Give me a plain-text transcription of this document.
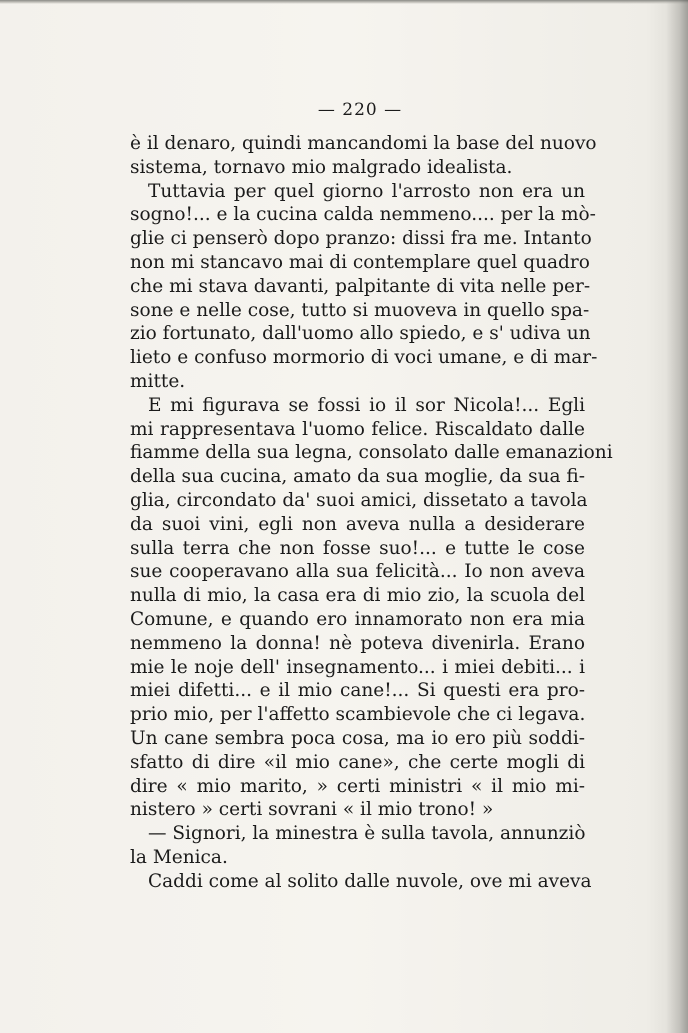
— 220 —
è il denaro, quindi mancandomi la base del nuovo
sistema, tornavo mio malgrado idealista.
Tuttavia per quel giorno l'arrosto non era un
sogno!... e la cucina calda nemmeno.... per la mò-
glie ci penserò dopo pranzo: dissi fra me. Intanto
non mi stancavo mai di contemplare quel quadro
che mi stava davanti, palpitante di vita nelle per-
sone e nelle cose, tutto si muoveva in quello spa-
zio fortunato, dall'uomo allo spiedo, e s' udiva un
lieto e confuso mormorio di voci umane, e di mar-
mitte.
E mi figurava se fossi io il sor Nicola!... Egli
mi rappresentava l'uomo felice. Riscaldato dalle
fiamme della sua legna, consolato dalle emanazioni
della sua cucina, amato da sua moglie, da sua fi-
glia, circondato da' suoi amici, dissetato a tavola
da suoi vini, egli non aveva nulla a desiderare
sulla terra che non fosse suo!... e tutte le cose
sue cooperavano alla sua felicità... Io non aveva
nulla di mio, la casa era di mio zio, la scuola del
Comune, e quando ero innamorato non era mia
nemmeno la donna! nè poteva divenirla. Erano
mie le noje dell' insegnamento... i miei debiti... i
miei difetti... e il mio cane!... Si questi era pro-
prio mio, per l'affetto scambievole che ci legava.
Un cane sembra poca cosa, ma io ero più soddi-
sfatto di dire «il mio cane», che certe mogli di
dire « mio marito, » certi ministri « il mio mi-
nistero » certi sovrani « il mio trono! »
— Signori, la minestra è sulla tavola, annunziò
la Menica.
Caddi come al solito dalle nuvole, ove mi aveva
